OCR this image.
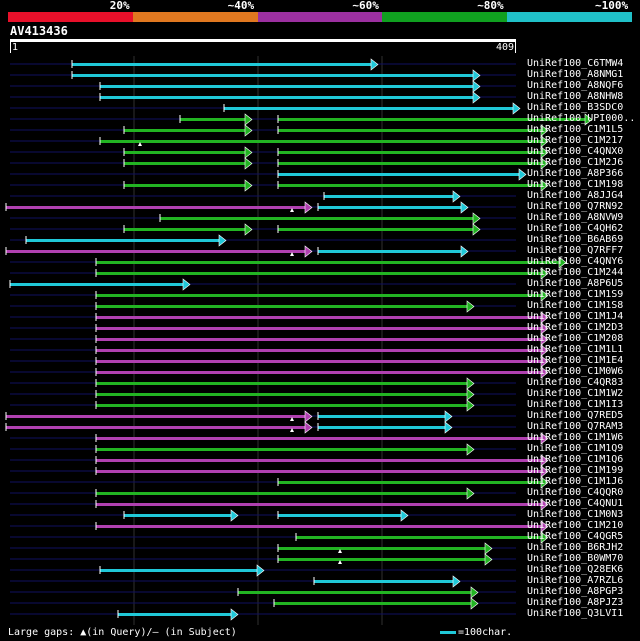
20%	~40%	~60%	~80%	~100%
AV413436
1	409
UniRef100_C6TMW4
UniRef100_A8NMG1
UniRef100_A8NQF6
UniRef100_A8NHW8
UniRef100_B3SDC0
UniRef100_UPI000..
UniRef100_C1M1L5
UniRef100_C1M217
UniRef100_C4QNX0
UniRef100_C1M2J6
UniRef100_A8P366
UniRef100_C1M198
UniRef100_A8JJG4
UniRef100_Q7RN92
UniRef100_A8NVW9
UniRef100_C4QH62
UniRef100_B6AB69
UniRef100_Q7RFF7
UniRef100_C4QNY6
UniRef100_C1M244
UniRef100_A8P6U5
UniRef100_C1M1S9
UniRef100_C1M1S8
UniRef100_C1M1J4
UniRef100_C1M2D3
UniRef100_C1M208
UniRef100_C1M1L1
UniRef100_C1M1E4
UniRef100_C1M0W6
UniRef100_C4QR83
UniRef100_C1M1W2
UniRef100_C1M1I3
UniRef100_Q7RED5
UniRef100_Q7RAM3
UniRef100_C1M1W6
UniRef100_C1M1Q9
UniRef100_C1M1Q6
UniRef100_C1M199
UniRef100_C1M1J6
UniRef100_C4QQR0
UniRef100_C4QNU1
UniRef100_C1M0N3
UniRef100_C1M210
UniRef100_C4QGR5
UniRef100_B6RJH2
UniRef100_B0WM70
UniRef100_Q28EK6
UniRef100_A7RZL6
UniRef100_A8PGP3
UniRef100_A8PJZ3
UniRef100_Q3LVI1
Large gaps: ▲(in Query)/– (in Subject)	=100char.
